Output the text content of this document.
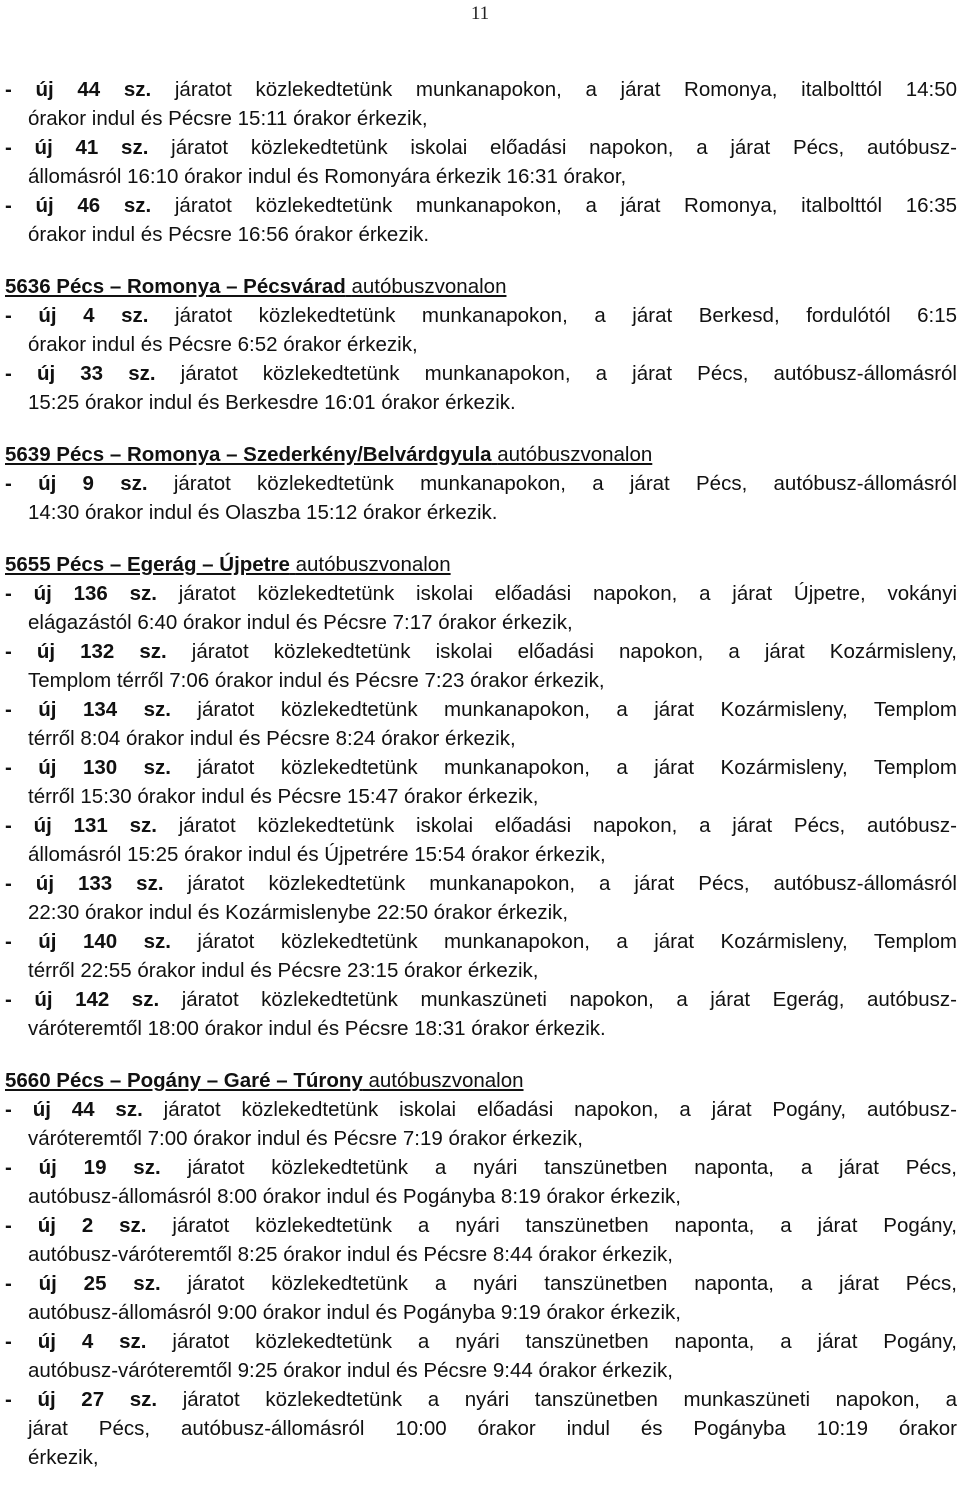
11
- új 44 sz. járatot közlekedtetünk munkanapokon, a járat Romonya, italbolttól 14:50
órakor indul és Pécsre 15:11 órakor érkezik,
- új 41 sz. járatot közlekedtetünk iskolai előadási napokon, a járat Pécs, autóbusz-
állomásról 16:10 órakor indul és Romonyára érkezik 16:31 órakor,
- új 46 sz. járatot közlekedtetünk munkanapokon, a járat Romonya, italbolttól 16:35
órakor indul és Pécsre 16:56 órakor érkezik.
5636 Pécs – Romonya – Pécsvárad autóbuszvonalon
- új 4 sz. járatot közlekedtetünk munkanapokon, a járat Berkesd, fordulótól 6:15
órakor indul és Pécsre 6:52 órakor érkezik,
- új 33 sz. járatot közlekedtetünk munkanapokon, a járat Pécs, autóbusz-állomásról
15:25 órakor indul és Berkesdre 16:01 órakor érkezik.
5639 Pécs – Romonya – Szederkény/Belvárdgyula autóbuszvonalon
- új 9 sz. járatot közlekedtetünk munkanapokon, a járat Pécs, autóbusz-állomásról
14:30 órakor indul és Olaszba 15:12 órakor érkezik.
5655 Pécs – Egerág – Újpetre autóbuszvonalon
- új 136 sz. járatot közlekedtetünk iskolai előadási napokon, a járat Újpetre, vokányi
elágazástól 6:40 órakor indul és Pécsre 7:17 órakor érkezik,
- új 132 sz. járatot közlekedtetünk iskolai előadási napokon, a járat Kozármisleny,
Templom térről 7:06 órakor indul és Pécsre 7:23 órakor érkezik,
- új 134 sz. járatot közlekedtetünk munkanapokon, a járat Kozármisleny, Templom
térről 8:04 órakor indul és Pécsre 8:24 órakor érkezik,
- új 130 sz. járatot közlekedtetünk munkanapokon, a járat Kozármisleny, Templom
térről 15:30 órakor indul és Pécsre 15:47 órakor érkezik,
- új 131 sz. járatot közlekedtetünk iskolai előadási napokon, a járat Pécs, autóbusz-
állomásról 15:25 órakor indul és Újpetrére 15:54 órakor érkezik,
- új 133 sz. járatot közlekedtetünk munkanapokon, a járat Pécs, autóbusz-állomásról
22:30 órakor indul és Kozármislenybe 22:50 órakor érkezik,
- új 140 sz. járatot közlekedtetünk munkanapokon, a járat Kozármisleny, Templom
térről 22:55 órakor indul és Pécsre 23:15 órakor érkezik,
- új 142 sz. járatot közlekedtetünk munkaszüneti napokon, a járat Egerág, autóbusz-
váróteremtől 18:00 órakor indul és Pécsre 18:31 órakor érkezik.
5660 Pécs – Pogány – Garé – Túrony autóbuszvonalon
- új 44 sz. járatot közlekedtetünk iskolai előadási napokon, a járat Pogány, autóbusz-
váróteremtől 7:00 órakor indul és Pécsre 7:19 órakor érkezik,
- új 19 sz. járatot közlekedtetünk a nyári tanszünetben naponta, a járat Pécs,
autóbusz-állomásról 8:00 órakor indul és Pogányba 8:19 órakor érkezik,
- új 2 sz. járatot közlekedtetünk a nyári tanszünetben naponta, a járat Pogány,
autóbusz-váróteremtől 8:25 órakor indul és Pécsre 8:44 órakor érkezik,
- új 25 sz. járatot közlekedtetünk a nyári tanszünetben naponta, a járat Pécs,
autóbusz-állomásról 9:00 órakor indul és Pogányba 9:19 órakor érkezik,
- új 4 sz. járatot közlekedtetünk a nyári tanszünetben naponta, a járat Pogány,
autóbusz-váróteremtől 9:25 órakor indul és Pécsre 9:44 órakor érkezik,
- új 27 sz. járatot közlekedtetünk a nyári tanszünetben munkaszüneti napokon, a
járat Pécs, autóbusz-állomásról 10:00 órakor indul és Pogányba 10:19 órakor
érkezik,
